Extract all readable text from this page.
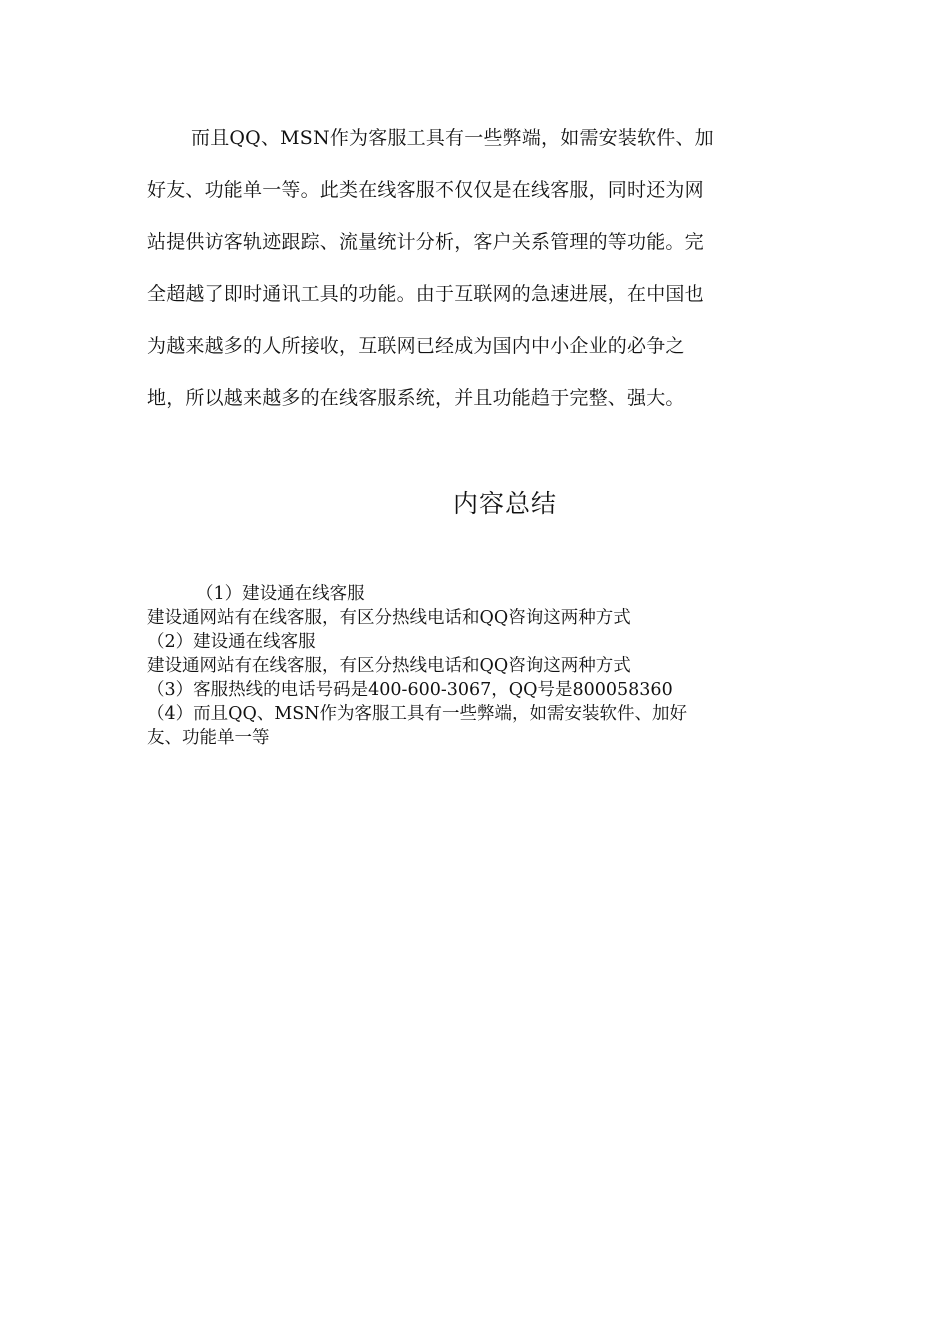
而且QQ、MSN作为客服工具有一些弊端，如需安装软件、加
好友、功能单一等。此类在线客服不仅仅是在线客服，同时还为网
站提供访客轨迹跟踪、流量统计分析，客户关系管理的等功能。完
全超越了即时通讯工具的功能。由于互联网的急速进展，在中国也
为越来越多的人所接收，互联网已经成为国内中小企业的必争之
地，所以越来越多的在线客服系统，并且功能趋于完整、强大。
内容总结
（1）建设通在线客服
建设通网站有在线客服，有区分热线电话和QQ咨询这两种方式
（2）建设通在线客服
建设通网站有在线客服，有区分热线电话和QQ咨询这两种方式
（3）客服热线的电话号码是400-600-3067，QQ号是800058360
（4）而且QQ、MSN作为客服工具有一些弊端，如需安装软件、加好
友、功能单一等
